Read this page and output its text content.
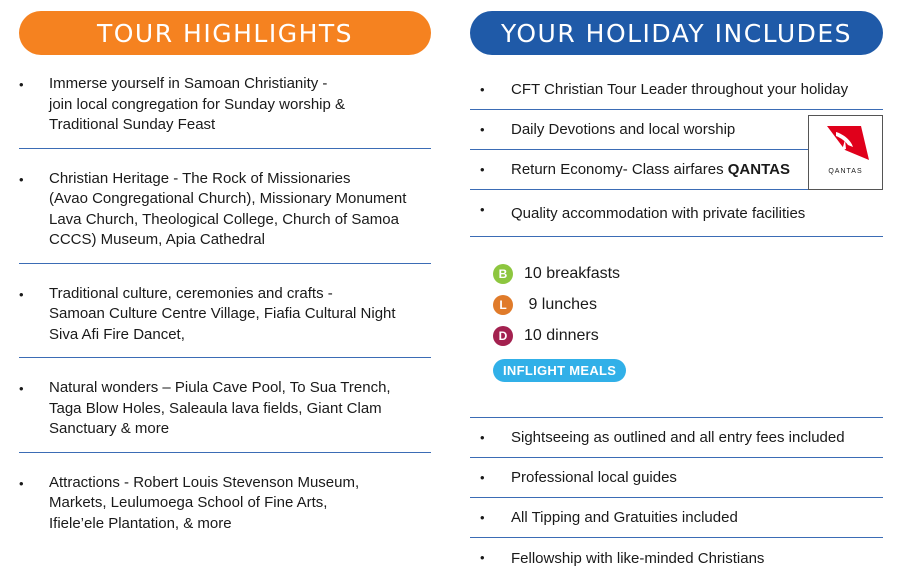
TOUR HIGHLIGHTS	YOUR HOLIDAY INCLUDES
• Immerse yourself in Samoan Christianity -
join local congregation for Sunday worship &
Traditional Sunday Feast
• Christian Heritage - The Rock of Missionaries
(Avao Congregational Church), Missionary Monument
Lava Church, Theological College, Church of Samoa
CCCS) Museum, Apia Cathedral
• Traditional culture, ceremonies and crafts -
Samoan Culture Centre Village, Fiafia Cultural Night
Siva Afi Fire Dancet,
• Natural wonders – Piula Cave Pool, To Sua Trench,
Taga Blow Holes, Saleaula lava fields, Giant Clam
Sanctuary & more
• Attractions - Robert Louis Stevenson Museum,
Markets, Leulumoega School of Fine Arts,
Ifiele’ele Plantation, & more
• CFT Christian Tour Leader throughout your holiday
• Daily Devotions and local worship
• Return Economy- Class airfares
QANTAS
• Quality accommodation with private facilities
QANTAS
B	10 breakfasts
L	9 lunches
D	10 dinners
INFLIGHT MEALS
• Sightseeing as outlined and all entry fees included
• Professional local guides
• All Tipping and Gratuities included
• Fellowship with like-minded Christians
